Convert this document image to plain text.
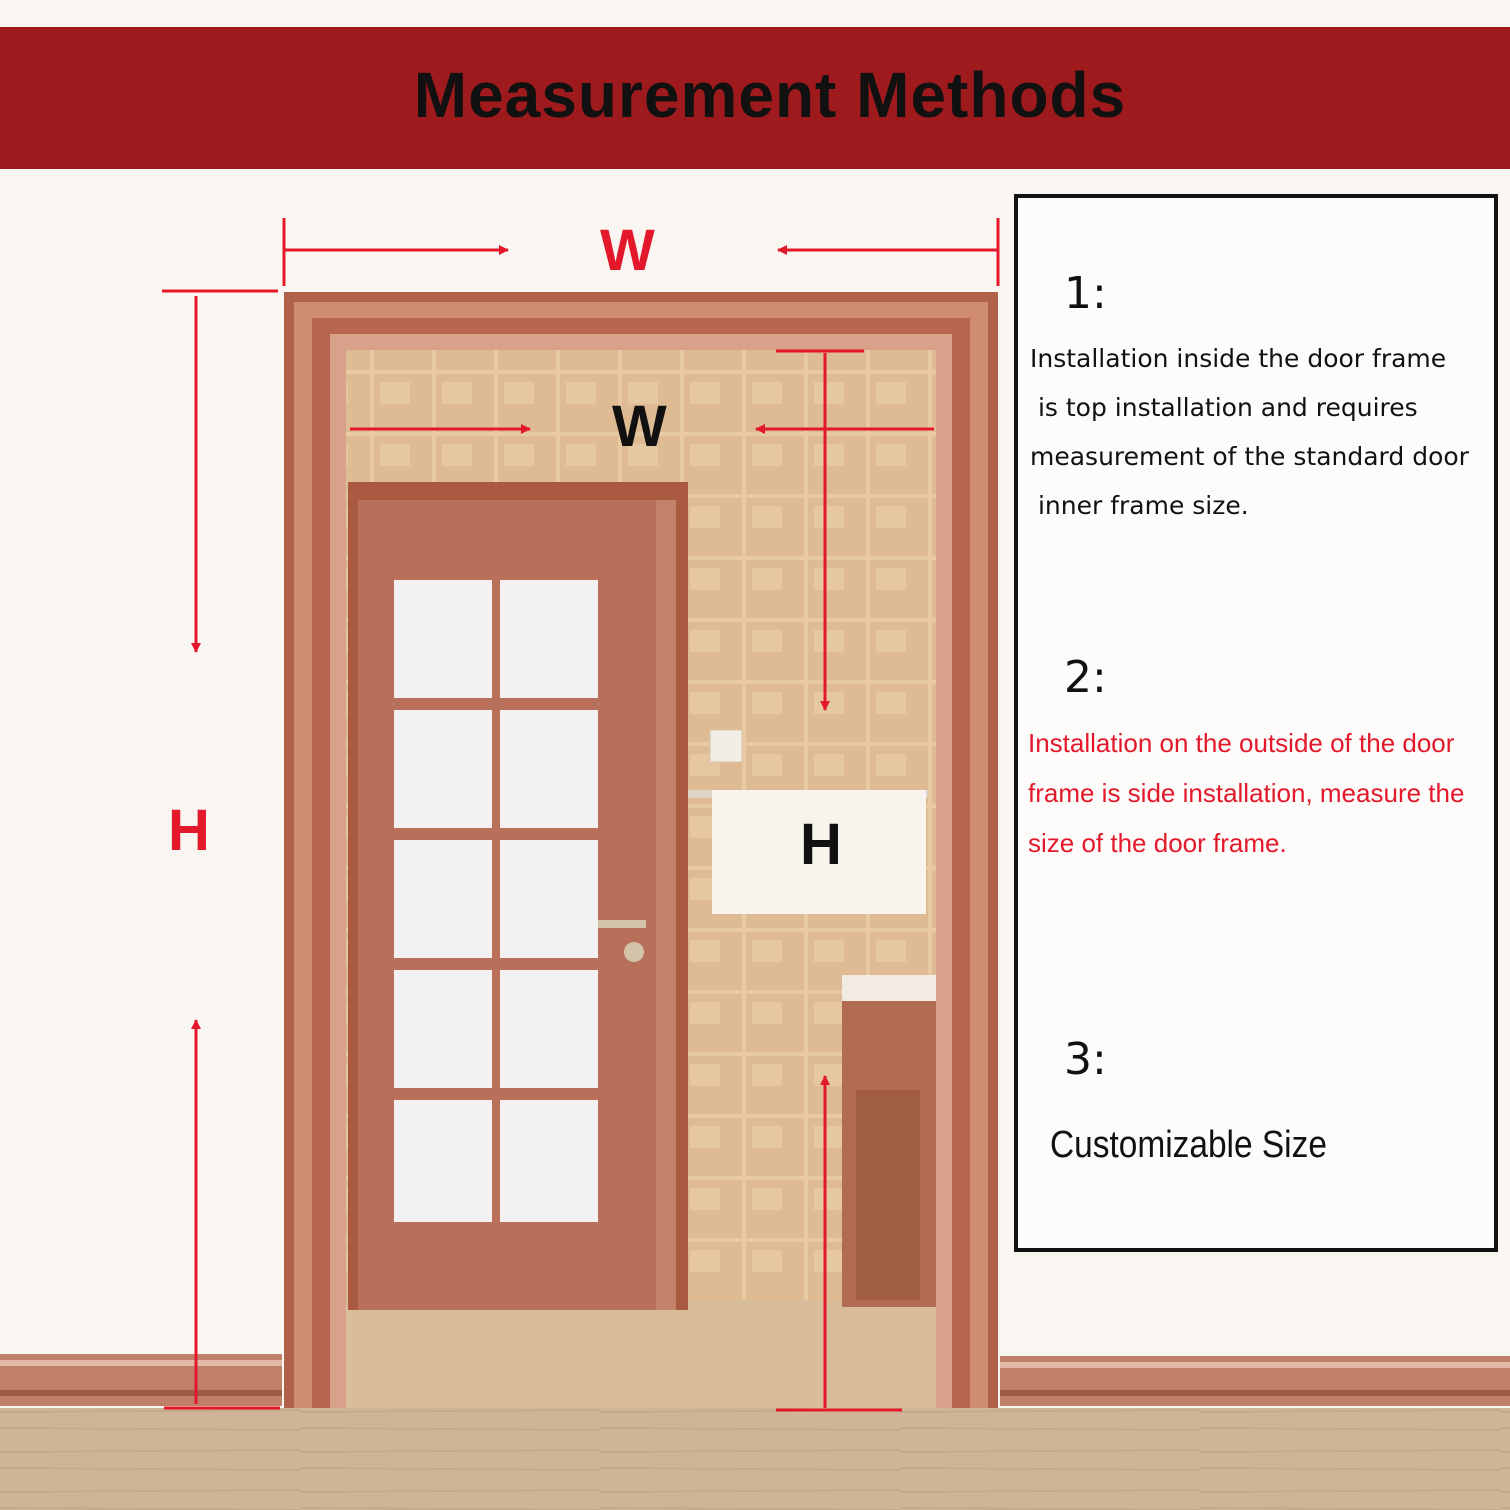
Measurement Methods
W
H
W
H
1:
Installation inside the door frame
is top installation and requires
measurement of the standard door
inner frame size.
2:
Installation on the outside of the door
frame is side installation, measure the
size of the door frame.
3:
Customizable Size
